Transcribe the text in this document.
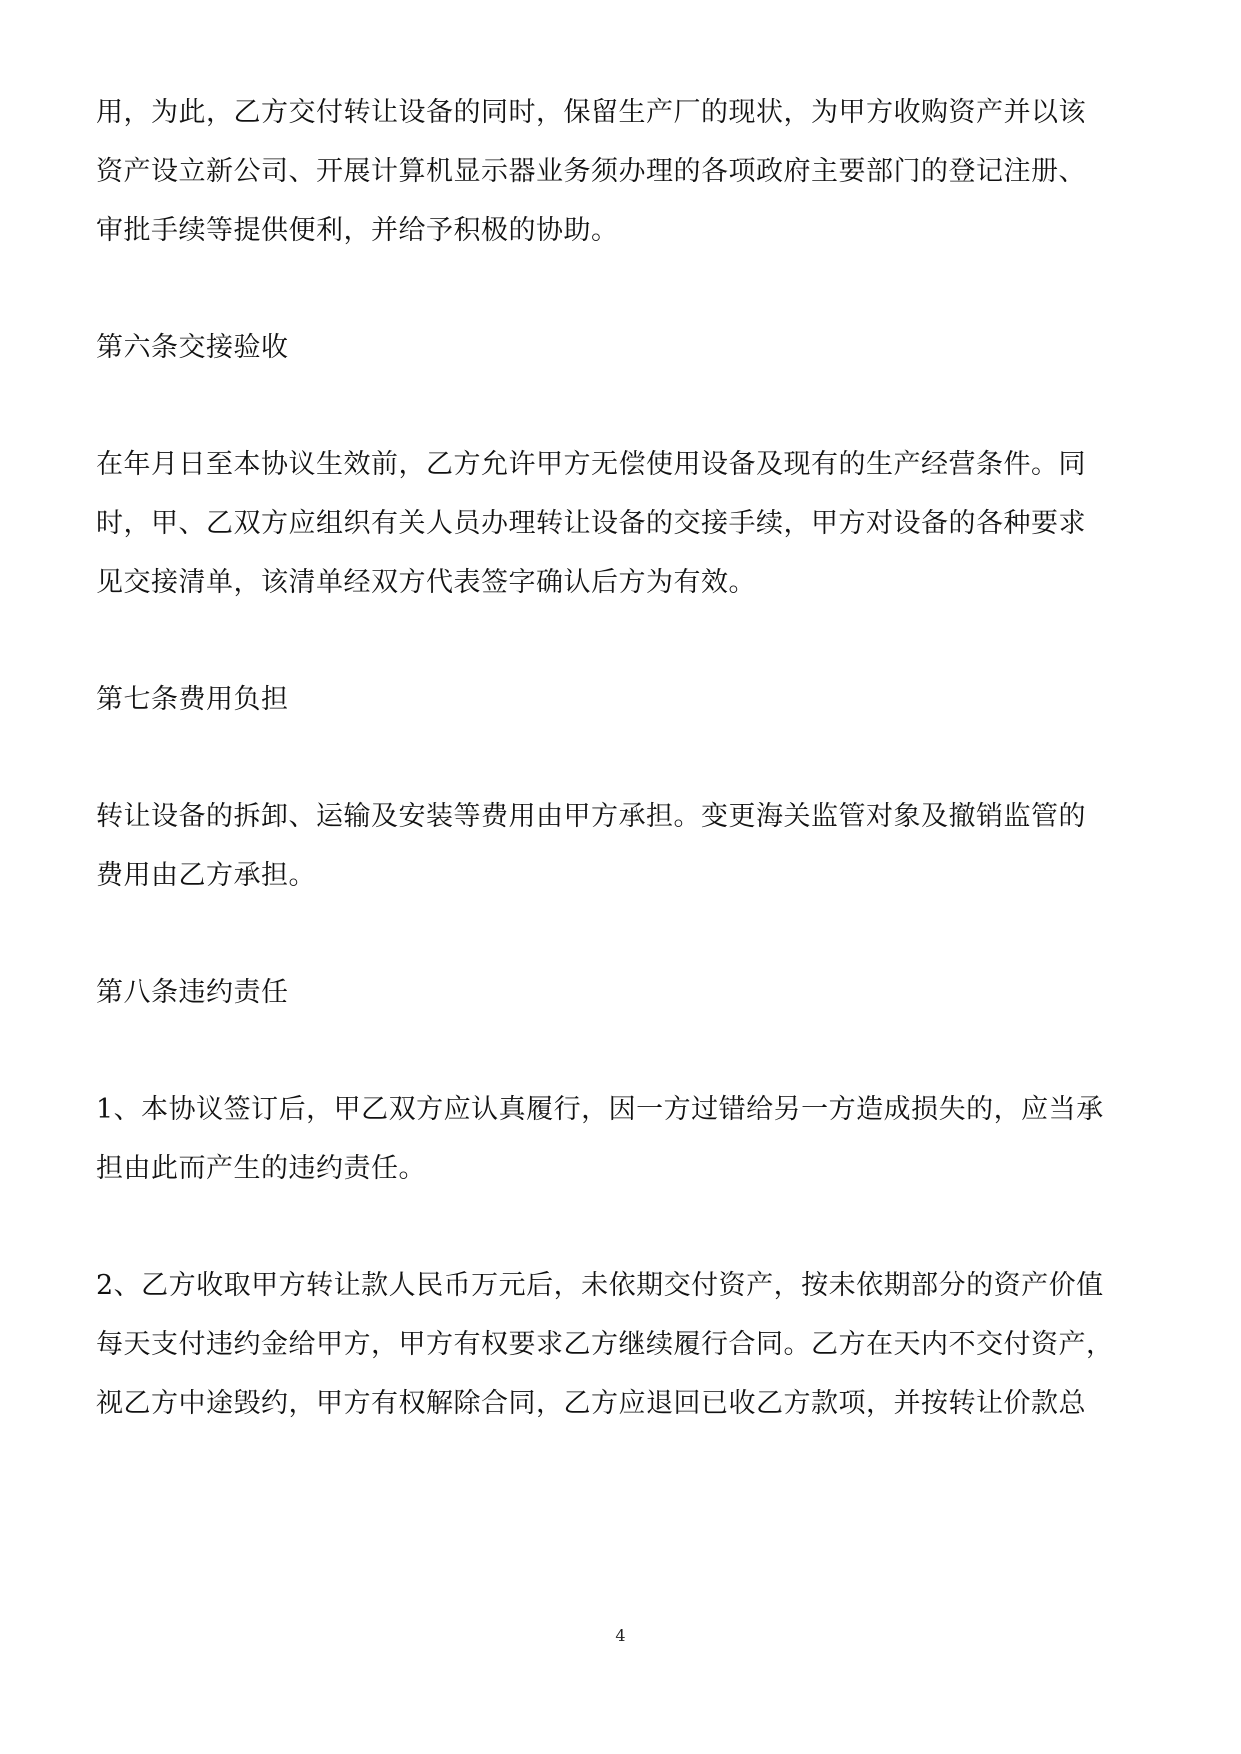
用，为此，乙方交付转让设备的同时，保留生产厂的现状，为甲方收购资产并以该
资产设立新公司、开展计算机显示器业务须办理的各项政府主要部门的登记注册、
审批手续等提供便利，并给予积极的协助。
第六条交接验收
在年月日至本协议生效前，乙方允许甲方无偿使用设备及现有的生产经营条件。同
时，甲、乙双方应组织有关人员办理转让设备的交接手续，甲方对设备的各种要求
见交接清单，该清单经双方代表签字确认后方为有效。
第七条费用负担
转让设备的拆卸、运输及安装等费用由甲方承担。变更海关监管对象及撤销监管的
费用由乙方承担。
第八条违约责任
1、本协议签订后，甲乙双方应认真履行，因一方过错给另一方造成损失的，应当承
担由此而产生的违约责任。
2、乙方收取甲方转让款人民币万元后，未依期交付资产，按未依期部分的资产价值
每天支付违约金给甲方，甲方有权要求乙方继续履行合同。乙方在天内不交付资产，
视乙方中途毁约，甲方有权解除合同，乙方应退回已收乙方款项，并按转让价款总
4
